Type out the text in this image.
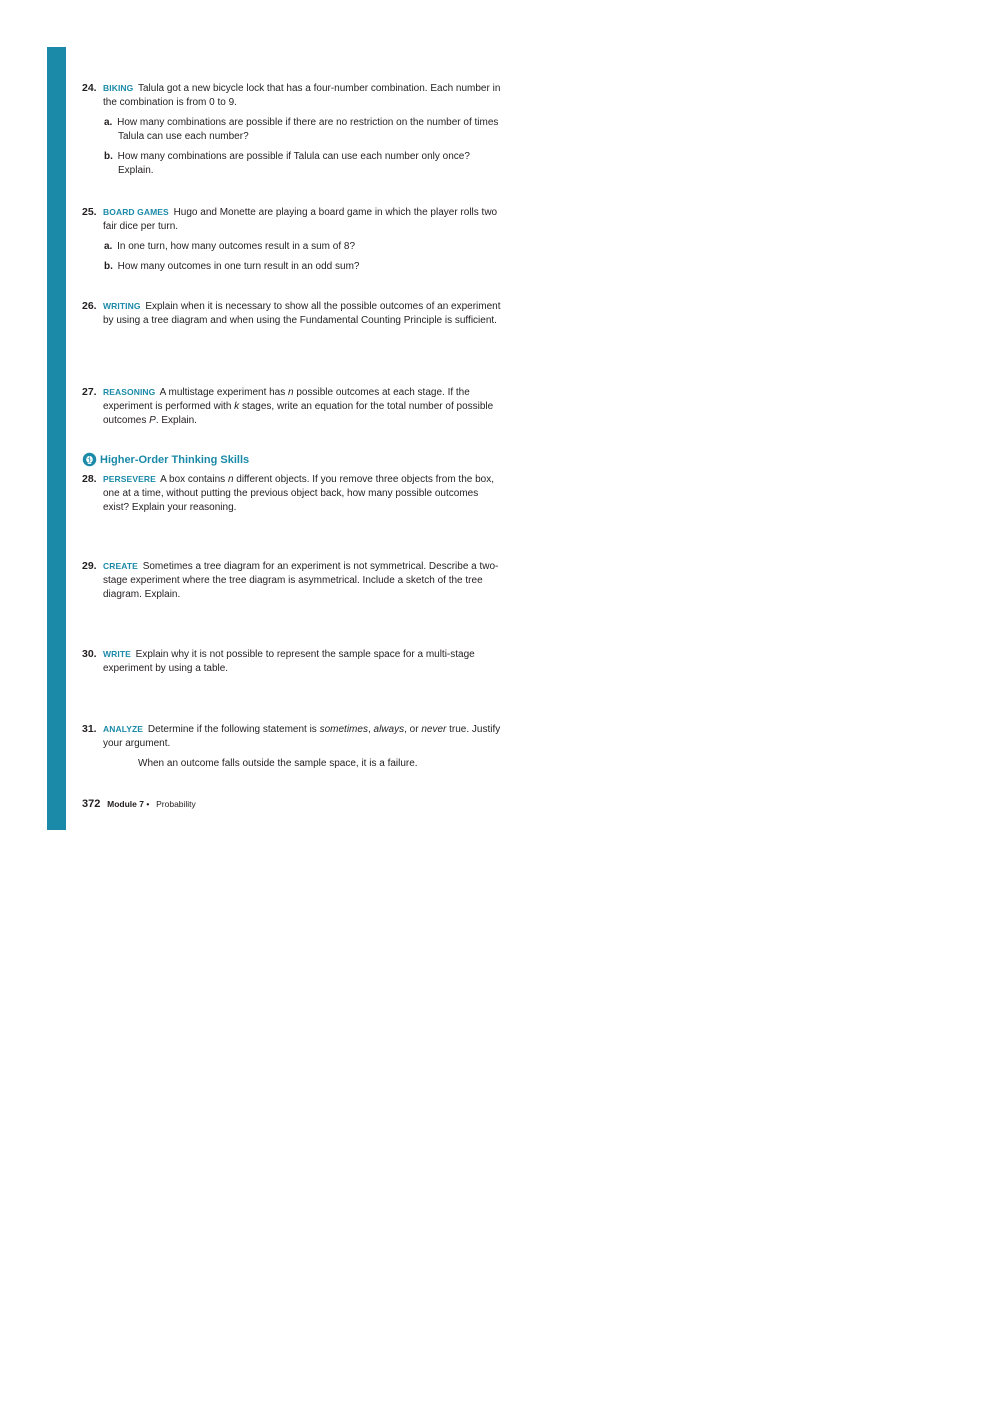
24. BIKING Talula got a new bicycle lock that has a four-number combination. Each number in the combination is from 0 to 9.
a. How many combinations are possible if there are no restriction on the number of times Talula can use each number?
b. How many combinations are possible if Talula can use each number only once? Explain.
25. BOARD GAMES Hugo and Monette are playing a board game in which the player rolls two fair dice per turn.
a. In one turn, how many outcomes result in a sum of 8?
b. How many outcomes in one turn result in an odd sum?
26. WRITING Explain when it is necessary to show all the possible outcomes of an experiment by using a tree diagram and when using the Fundamental Counting Principle is sufficient.
27. REASONING A multistage experiment has n possible outcomes at each stage. If the experiment is performed with k stages, write an equation for the total number of possible outcomes P. Explain.
Higher-Order Thinking Skills
28. PERSEVERE A box contains n different objects. If you remove three objects from the box, one at a time, without putting the previous object back, how many possible outcomes exist? Explain your reasoning.
29. CREATE Sometimes a tree diagram for an experiment is not symmetrical. Describe a two-stage experiment where the tree diagram is asymmetrical. Include a sketch of the tree diagram. Explain.
30. WRITE Explain why it is not possible to represent the sample space for a multi-stage experiment by using a table.
31. ANALYZE Determine if the following statement is sometimes, always, or never true. Justify your argument.
When an outcome falls outside the sample space, it is a failure.
372 Module 7 • Probability
